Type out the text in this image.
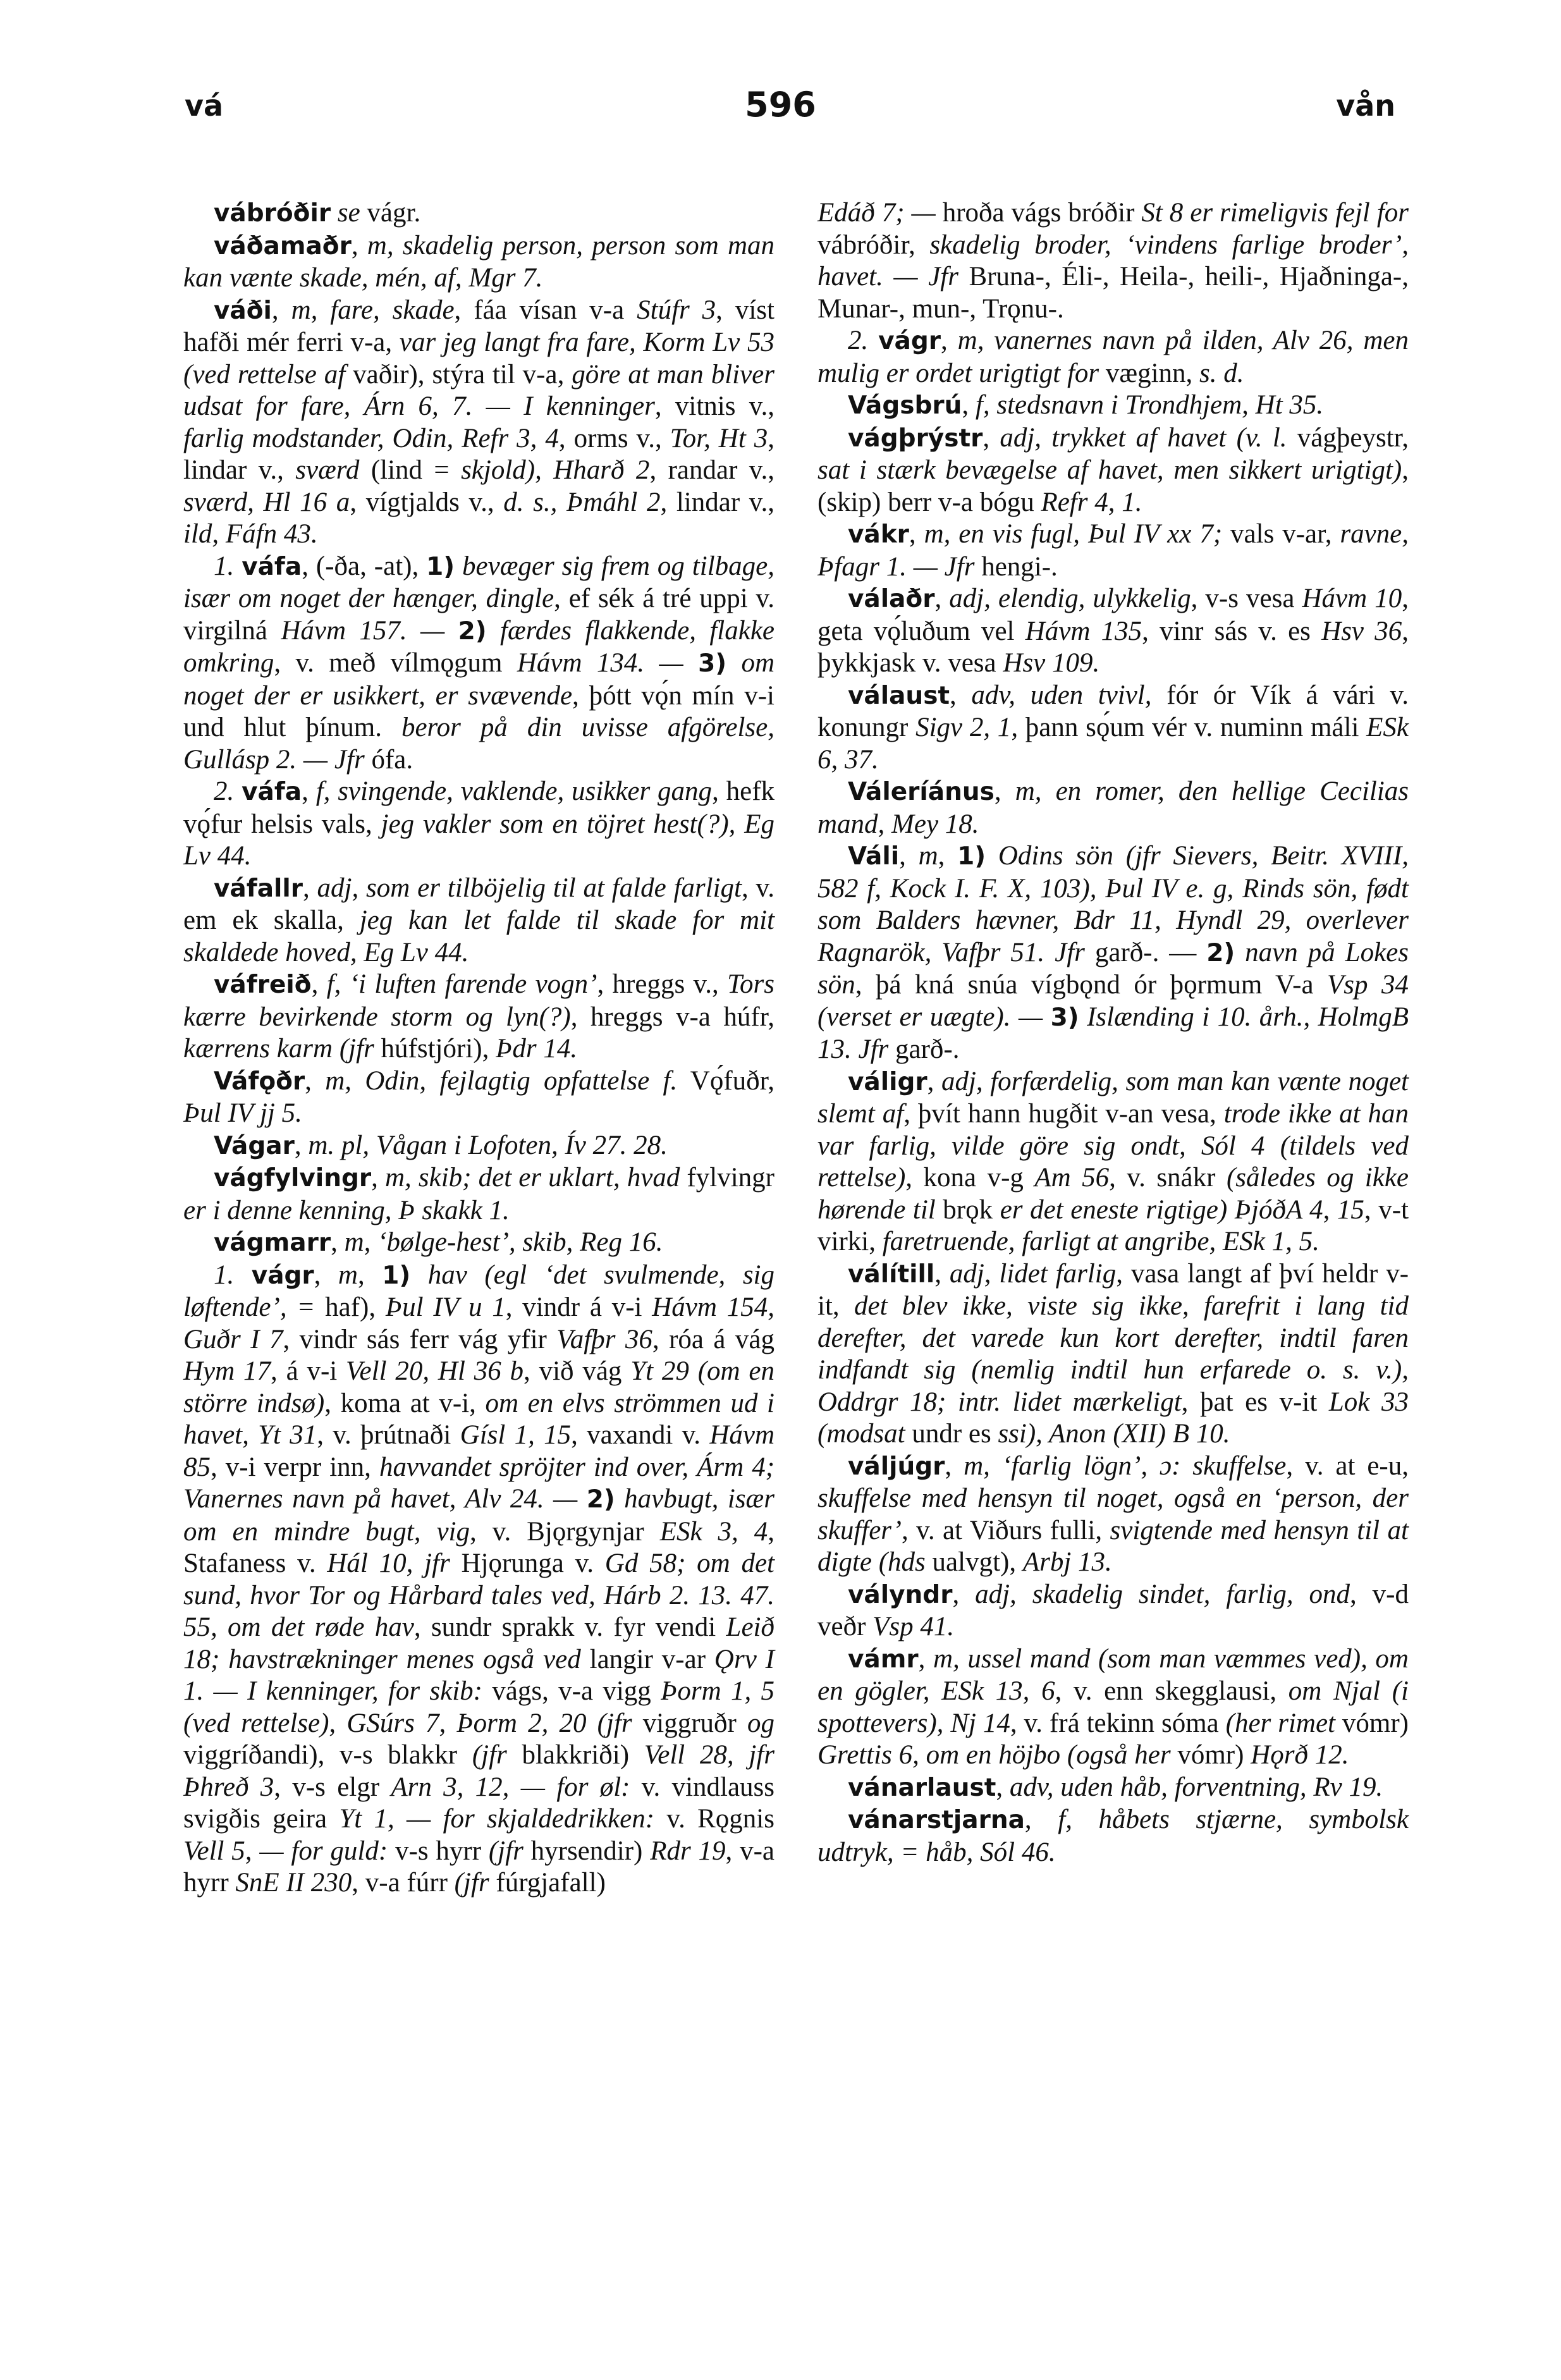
vá	596	vån

vábróðir se vágr.

váðamaðr, m, skadelig person, person som man kan vænte skade, mén, af, Mgr 7.

váði, m, fare, skade, fáa vísan v-a Stúfr 3, víst hafði mér ferri v-a, var jeg langt fra fare, Korm Lv 53 (ved rettelse af vaðir), stýra til v-a, göre at man bliver udsat for fare, Árn 6, 7. — I kenninger, vitnis v., farlig modstander, Odin, Refr 3, 4, orms v., Tor, Ht 3, lindar v., sværd (lind = skjold), Hharð 2, randar v., sværd, Hl 16 a, vígtjalds v., d. s., Þmáhl 2, lindar v., ild, Fáfn 43.

1. váfa, (-ða, -at), 1) bevæger sig frem og tilbage, især om noget der hænger, dingle, ef sék á tré uppi v. virgilná Hávm 157. — 2) færdes flakkende, flakke omkring, v. með vílmǫgum Hávm 134. — 3) om noget der er usikkert, er svævende, þótt vǫ́n mín v-i und hlut þínum. beror på din uvisse afgörelse, Gullásp 2. — Jfr ófa.

2. váfa, f, svingende, vaklende, usikker gang, hefk vǫ́fur helsis vals, jeg vakler som en töjret hest(?), Eg Lv 44.

váfallr, adj, som er tilböjelig til at falde farligt, v. em ek skalla, jeg kan let falde til skade for mit skaldede hoved, Eg Lv 44.

váfreið, f, ‘i luften farende vogn’, hreggs v., Tors kærre bevirkende storm og lyn(?), hreggs v-a húfr, kærrens karm (jfr húfstjóri), Þdr 14.

Váfǫðr, m, Odin, fejlagtig opfattelse f. Vǫ́fuðr, Þul IV jj 5.

Vágar, m. pl, Vågan i Lofoten, Ív 27. 28.

vágfylvingr, m, skib; det er uklart, hvad fylvingr er i denne kenning, Þ skakk 1.

vágmarr, m, ‘bølge-hest’, skib, Reg 16.

1. vágr, m, 1) hav (egl ‘det svulmende, sig løftende’, = haf), Þul IV u 1, vindr á v-i Hávm 154, Guðr I 7, vindr sás ferr vág yfir Vafþr 36, róa á vág Hym 17, á v-i Vell 20, Hl 36 b, við vág Yt 29 (om en större indsø), koma at v-i, om en elvs strömmen ud i havet, Yt 31, v. þrútnaði Gísl 1, 15, vaxandi v. Hávm 85, v-i verpr inn, havvandet spröjter ind over, Árm 4; Vanernes navn på havet, Alv 24. — 2) havbugt, især om en mindre bugt, vig, v. Bjǫrgynjar ESk 3, 4, Stafaness v. Hál 10, jfr Hjǫrunga v. Gd 58; om det sund, hvor Tor og Hårbard tales ved, Hárb 2. 13. 47. 55, om det røde hav, sundr sprakk v. fyr vendi Leið 18; havstrækninger menes også ved langir v-ar Ǫrv I 1. — I kenninger, for skib: vágs, v-a vigg Þorm 1, 5 (ved rettelse), GSúrs 7, Þorm 2, 20 (jfr viggruðr og viggríðandi), v-s blakkr (jfr blakkriði) Vell 28, jfr Þhreð 3, v-s elgr Arn 3, 12, — for øl: v. vindlauss svigðis geira Yt 1, — for skjaldedrikken: v. Rǫgnis Vell 5, — for guld: v-s hyrr (jfr hyrsendir) Rdr 19, v-a hyrr SnE II 230, v-a fúrr (jfr fúrgjafall)

Edáð 7; — hroða vágs bróðir St 8 er rimeligvis fejl for vábróðir, skadelig broder, ‘vindens farlige broder’, havet. — Jfr Bruna-, Éli-, Heila-, heili-, Hjaðninga-, Munar-, mun-, Trǫnu-.

2. vágr, m, vanernes navn på ilden, Alv 26, men mulig er ordet urigtigt for væginn, s. d.

Vágsbrú, f, stedsnavn i Trondhjem, Ht 35.

vágþrýstr, adj, trykket af havet (v. l. vágþeystr, sat i stærk bevægelse af havet, men sikkert urigtigt), (skip) berr v-a bógu Refr 4, 1.

vákr, m, en vis fugl, Þul IV xx 7; vals v-ar, ravne, Þfagr 1. — Jfr hengi-.

válaðr, adj, elendig, ulykkelig, v-s vesa Hávm 10, geta vǫ́luðum vel Hávm 135, vinr sás v. es Hsv 36, þykkjask v. vesa Hsv 109.

válaust, adv, uden tvivl, fór ór Vík á vári v. konungr Sigv 2, 1, þann sǫ́um vér v. numinn máli ESk 6, 37.

Váleríánus, m, en romer, den hellige Cecilias mand, Mey 18.

Váli, m, 1) Odins sön (jfr Sievers, Beitr. XVIII, 582 f, Kock I. F. X, 103), Þul IV e. g, Rinds sön, født som Balders hævner, Bdr 11, Hyndl 29, overlever Ragnarök, Vafþr 51. Jfr garð-. — 2) navn på Lokes sön, þá kná snúa vígbǫnd ór þǫrmum V-a Vsp 34 (verset er uægte). — 3) Islænding i 10. årh., HolmgB 13. Jfr garð-.

váligr, adj, forfærdelig, som man kan vænte noget slemt af, þvít hann hugðit v-an vesa, trode ikke at han var farlig, vilde göre sig ondt, Sól 4 (tildels ved rettelse), kona v-g Am 56, v. snákr (således og ikke hørende til brǫk er det eneste rigtige) ÞjóðA 4, 15, v-t virki, faretruende, farligt at angribe, ESk 1, 5.

válítill, adj, lidet farlig, vasa langt af því heldr v-it, det blev ikke, viste sig ikke, farefrit i lang tid derefter, det varede kun kort derefter, indtil faren indfandt sig (nemlig indtil hun erfarede o. s. v.), Oddrgr 18; intr. lidet mærkeligt, þat es v-it Lok 33 (modsat undr es ssi), Anon (XII) B 10.

váljúgr, m, ‘farlig lögn’, ɔ: skuffelse, v. at e-u, skuffelse med hensyn til noget, også en ‘person, der skuffer’, v. at Viðurs fulli, svigtende med hensyn til at digte (hds ualvgt), Arbj 13.

vályndr, adj, skadelig sindet, farlig, ond, v-d veðr Vsp 41.

vámr, m, ussel mand (som man væmmes ved), om en gögler, ESk 13, 6, v. enn skegglausi, om Njal (i spottevers), Nj 14, v. frá tekinn sóma (her rimet vómr) Grettis 6, om en höjbo (også her vómr) Hǫrð 12.

vánarlaust, adv, uden håb, forventning, Rv 19.

vánarstjarna, f, håbets stjærne, symbolsk udtryk, = håb, Sól 46.
